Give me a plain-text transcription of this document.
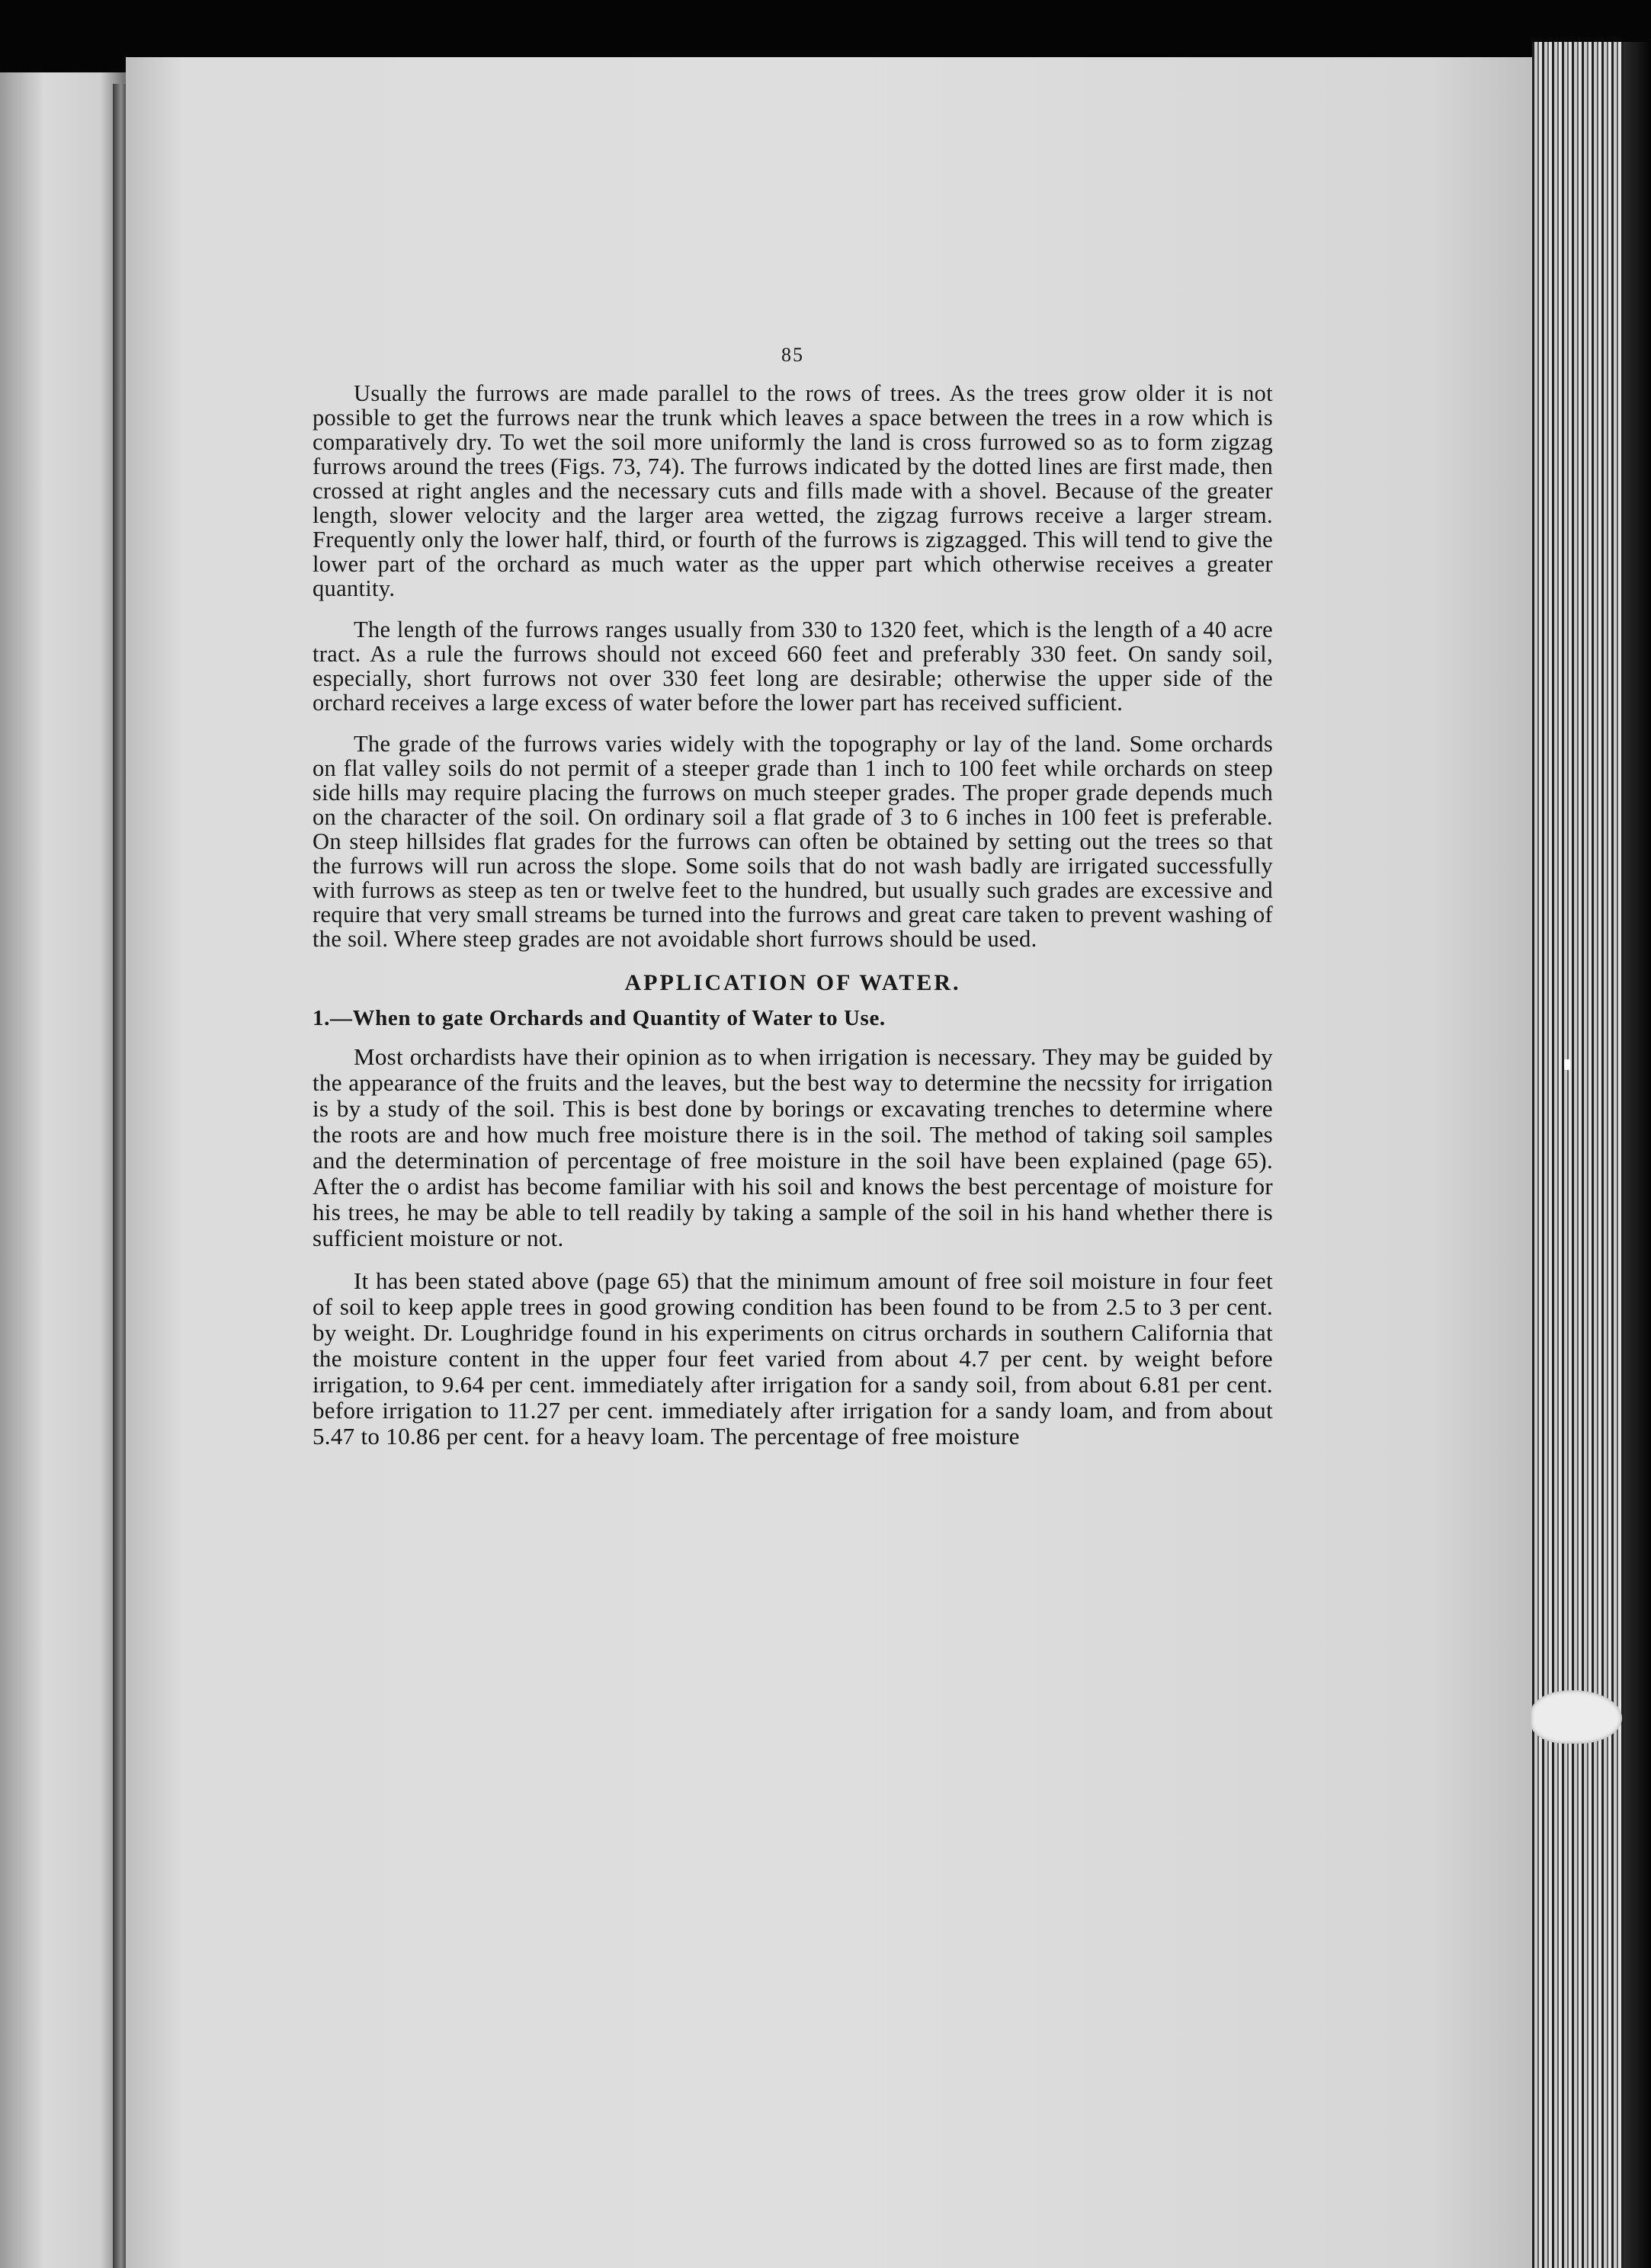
85

Usually the furrows are made parallel to the rows of trees. As the trees grow older it is not possible to get the furrows near the trunk which leaves a space between the trees in a row which is comparatively dry. To wet the soil more uniformly the land is cross furrowed so as to form zigzag furrows around the trees (Figs. 73, 74). The furrows indicated by the dotted lines are first made, then crossed at right angles and the necessary cuts and fills made with a shovel. Because of the greater length, slower velocity and the larger area wetted, the zigzag furrows receive a larger stream. Frequently only the lower half, third, or fourth of the furrows is zigzagged. This will tend to give the lower part of the orchard as much water as the upper part which otherwise receives a greater quantity.

The length of the furrows ranges usually from 330 to 1320 feet, which is the length of a 40 acre tract. As a rule the furrows should not exceed 660 feet and preferably 330 feet. On sandy soil, especially, short furrows not over 330 feet long are desirable; otherwise the upper side of the orchard receives a large excess of water before the lower part has received sufficient.

The grade of the furrows varies widely with the topography or lay of the land. Some orchards on flat valley soils do not permit of a steeper grade than 1 inch to 100 feet while orchards on steep side hills may require placing the furrows on much steeper grades. The proper grade depends much on the character of the soil. On ordinary soil a flat grade of 3 to 6 inches in 100 feet is preferable. On steep hillsides flat grades for the furrows can often be obtained by setting out the trees so that the furrows will run across the slope. Some soils that do not wash badly are irrigated successfully with furrows as steep as ten or twelve feet to the hundred, but usually such grades are excessive and require that very small streams be turned into the furrows and great care taken to prevent washing of the soil. Where steep grades are not avoidable short furrows should be used.

APPLICATION OF WATER.
1.—When to gate Orchards and Quantity of Water to Use.

Most orchardists have their opinion as to when irrigation is necessary. They may be guided by the appearance of the fruits and the leaves, but the best way to determine the necssity for irrigation is by a study of the soil. This is best done by borings or excavating trenches to determine where the roots are and how much free moisture there is in the soil. The method of taking soil samples and the determination of percentage of free moisture in the soil have been explained (page 65). After the o ardist has become familiar with his soil and knows the best percentage of moisture for his trees, he may be able to tell readily by taking a sample of the soil in his hand whether there is sufficient moisture or not.

It has been stated above (page 65) that the minimum amount of free soil moisture in four feet of soil to keep apple trees in good growing condition has been found to be from 2.5 to 3 per cent. by weight. Dr. Loughridge found in his experiments on citrus orchards in southern California that the moisture content in the upper four feet varied from about 4.7 per cent. by weight before irrigation, to 9.64 per cent. immediately after irrigation for a sandy soil, from about 6.81 per cent. before irrigation to 11.27 per cent. immediately after irrigation for a sandy loam, and from about 5.47 to 10.86 per cent. for a heavy loam. The percentage of free moisture
